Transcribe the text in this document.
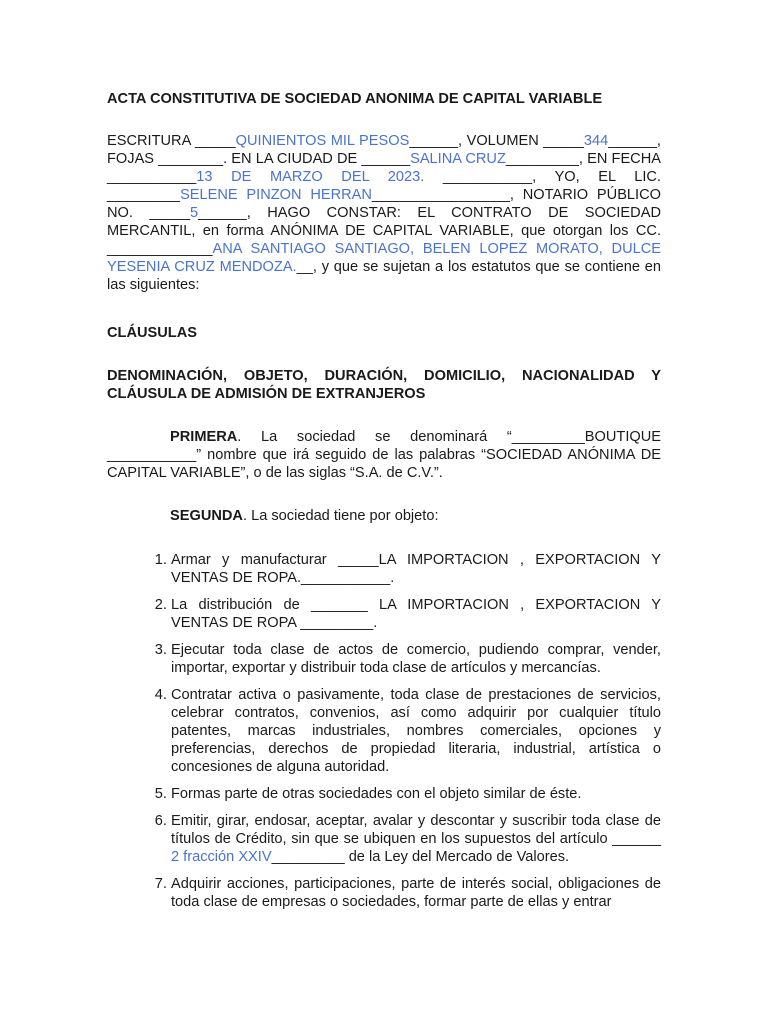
ACTA CONSTITUTIVA DE SOCIEDAD ANONIMA DE CAPITAL VARIABLE

ESCRITURA _____QUINIENTOS MIL PESOS______, VOLUMEN _____344______, FOJAS ________. EN LA CIUDAD DE ______SALINA CRUZ_________, EN FECHA ___________13 DE MARZO DEL 2023. ___________, YO, EL LIC. _________SELENE PINZON HERRAN_________________, NOTARIO PÚBLICO NO. _____5______, HAGO CONSTAR: EL CONTRATO DE SOCIEDAD MERCANTIL, en forma ANÓNIMA DE CAPITAL VARIABLE, que otorgan los CC. _____________ANA SANTIAGO SANTIAGO, BELEN LOPEZ MORATO, DULCE YESENIA CRUZ MENDOZA.__, y que se sujetan a los estatutos que se contiene en las siguientes:

CLÁUSULAS

DENOMINACIÓN, OBJETO, DURACIÓN, DOMICILIO, NACIONALIDAD Y CLÁUSULA DE ADMISIÓN DE EXTRANJEROS

PRIMERA. La sociedad se denominará “_________BOUTIQUE ___________” nombre que irá seguido de las palabras “SOCIEDAD ANÓNIMA DE CAPITAL VARIABLE”, o de las siglas “S.A. de C.V.”.

SEGUNDA. La sociedad tiene por objeto:

1. Armar y manufacturar _____LA IMPORTACION , EXPORTACION Y VENTAS DE ROPA.___________.
2. La distribución de _______ LA IMPORTACION , EXPORTACION Y VENTAS DE ROPA _________.
3. Ejecutar toda clase de actos de comercio, pudiendo comprar, vender, importar, exportar y distribuir toda clase de artículos y mercancías.
4. Contratar activa o pasivamente, toda clase de prestaciones de servicios, celebrar contratos, convenios, así como adquirir por cualquier título patentes, marcas industriales, nombres comerciales, opciones y preferencias, derechos de propiedad literaria, industrial, artística o concesiones de alguna autoridad.
5. Formas parte de otras sociedades con el objeto similar de éste.
6. Emitir, girar, endosar, aceptar, avalar y descontar y suscribir toda clase de títulos de Crédito, sin que se ubiquen en los supuestos del artículo ______ 2 fracción XXIV_________ de la Ley del Mercado de Valores.
7. Adquirir acciones, participaciones, parte de interés social, obligaciones de toda clase de empresas o sociedades, formar parte de ellas y entrar
